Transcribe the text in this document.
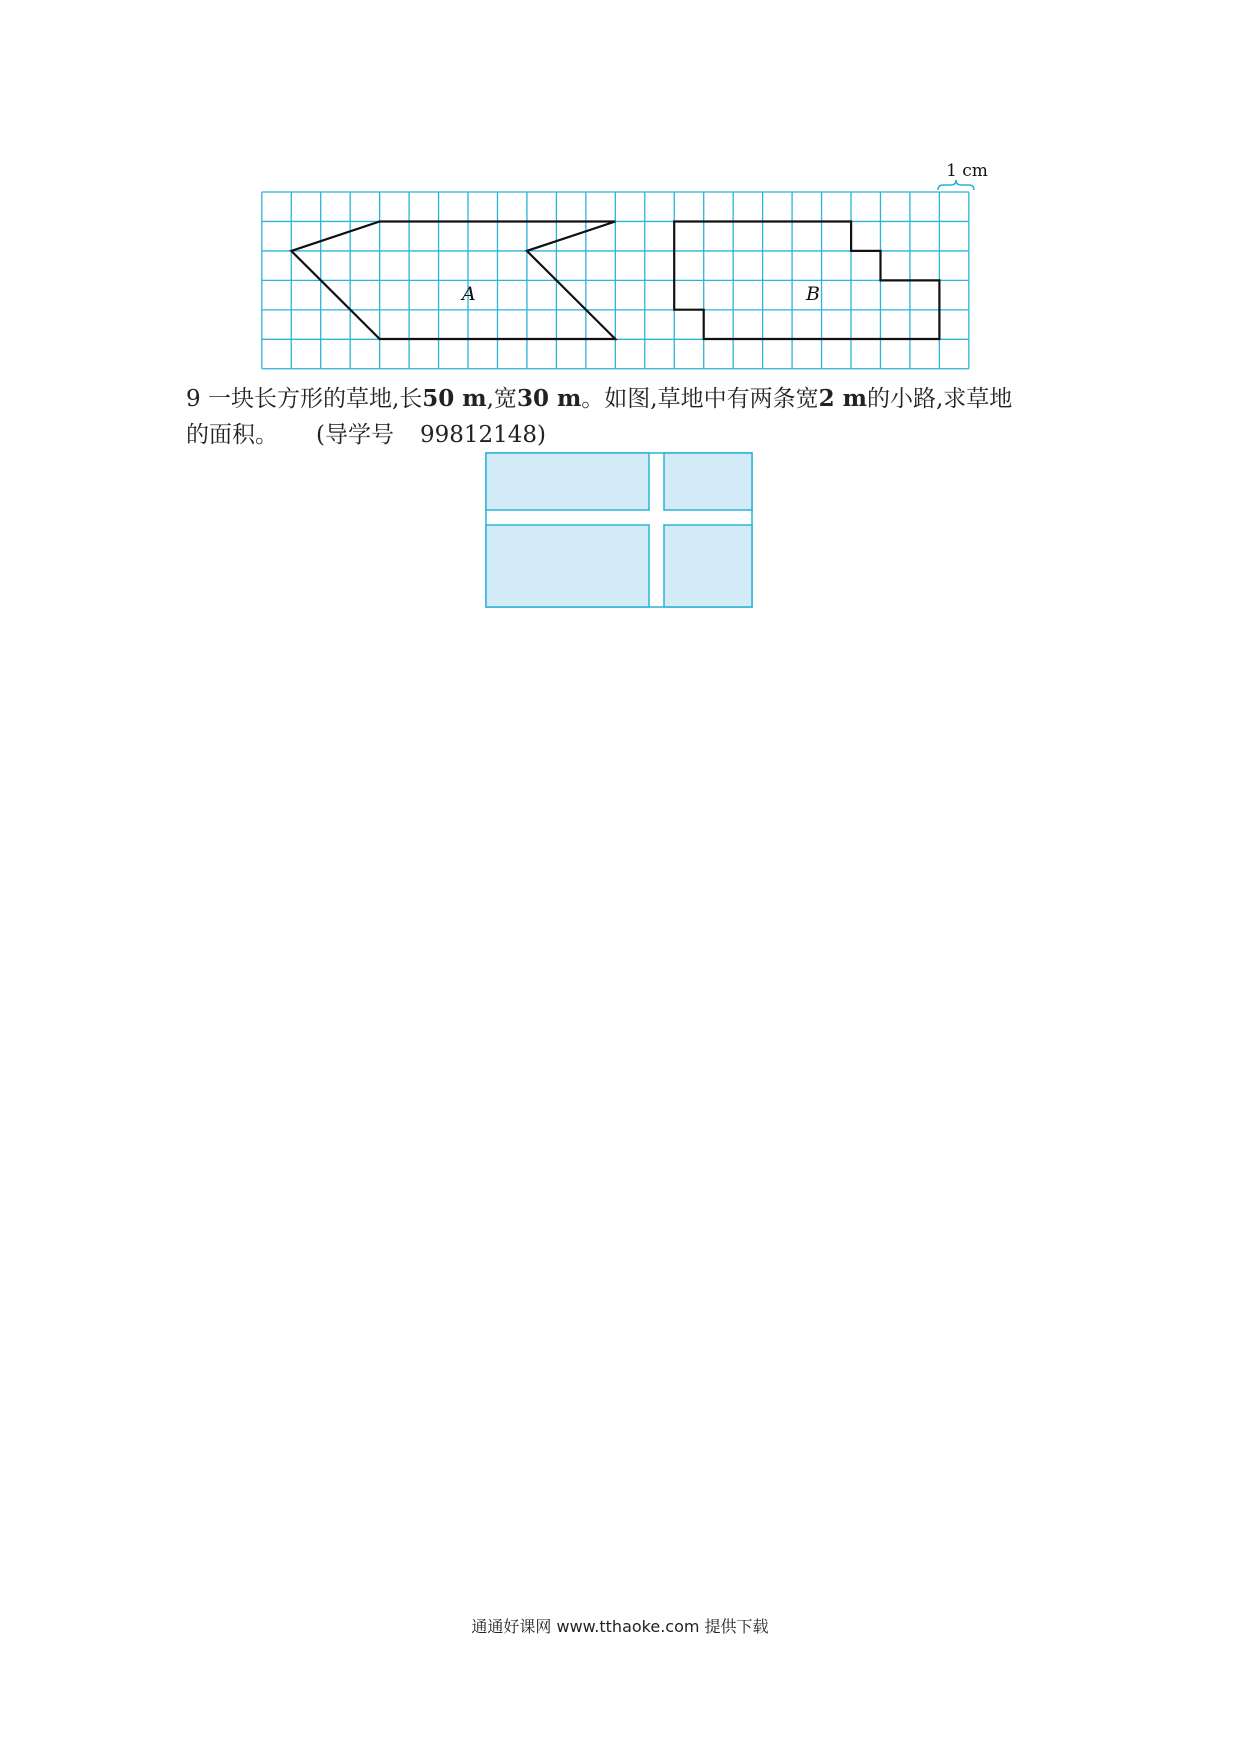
1 cm
A	B
9 一块长方形的草地,长50 m,宽30 m。如图,草地中有两条宽2 m的小路,求草地
的面积。 (导学号 99812148)
通通好课网 www.tthaoke.com 提供下载
